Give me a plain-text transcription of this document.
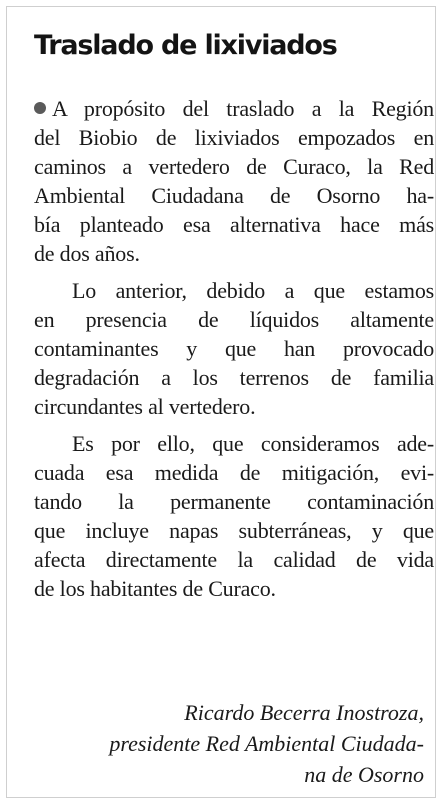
Traslado de lixiviados
A propósito del traslado a la Región
del Biobio de lixiviados empozados en
caminos a vertedero de Curaco, la Red
Ambiental Ciudadana de Osorno ha-
bía planteado esa alternativa hace más
de dos años.
Lo anterior, debido a que estamos
en presencia de líquidos altamente
contaminantes y que han provocado
degradación a los terrenos de familia
circundantes al vertedero.
Es por ello, que consideramos ade-
cuada esa medida de mitigación, evi-
tando la permanente contaminación
que incluye napas subterráneas, y que
afecta directamente la calidad de vida
de los habitantes de Curaco.
Ricardo Becerra Inostroza,
presidente Red Ambiental Ciudada-
na de Osorno
